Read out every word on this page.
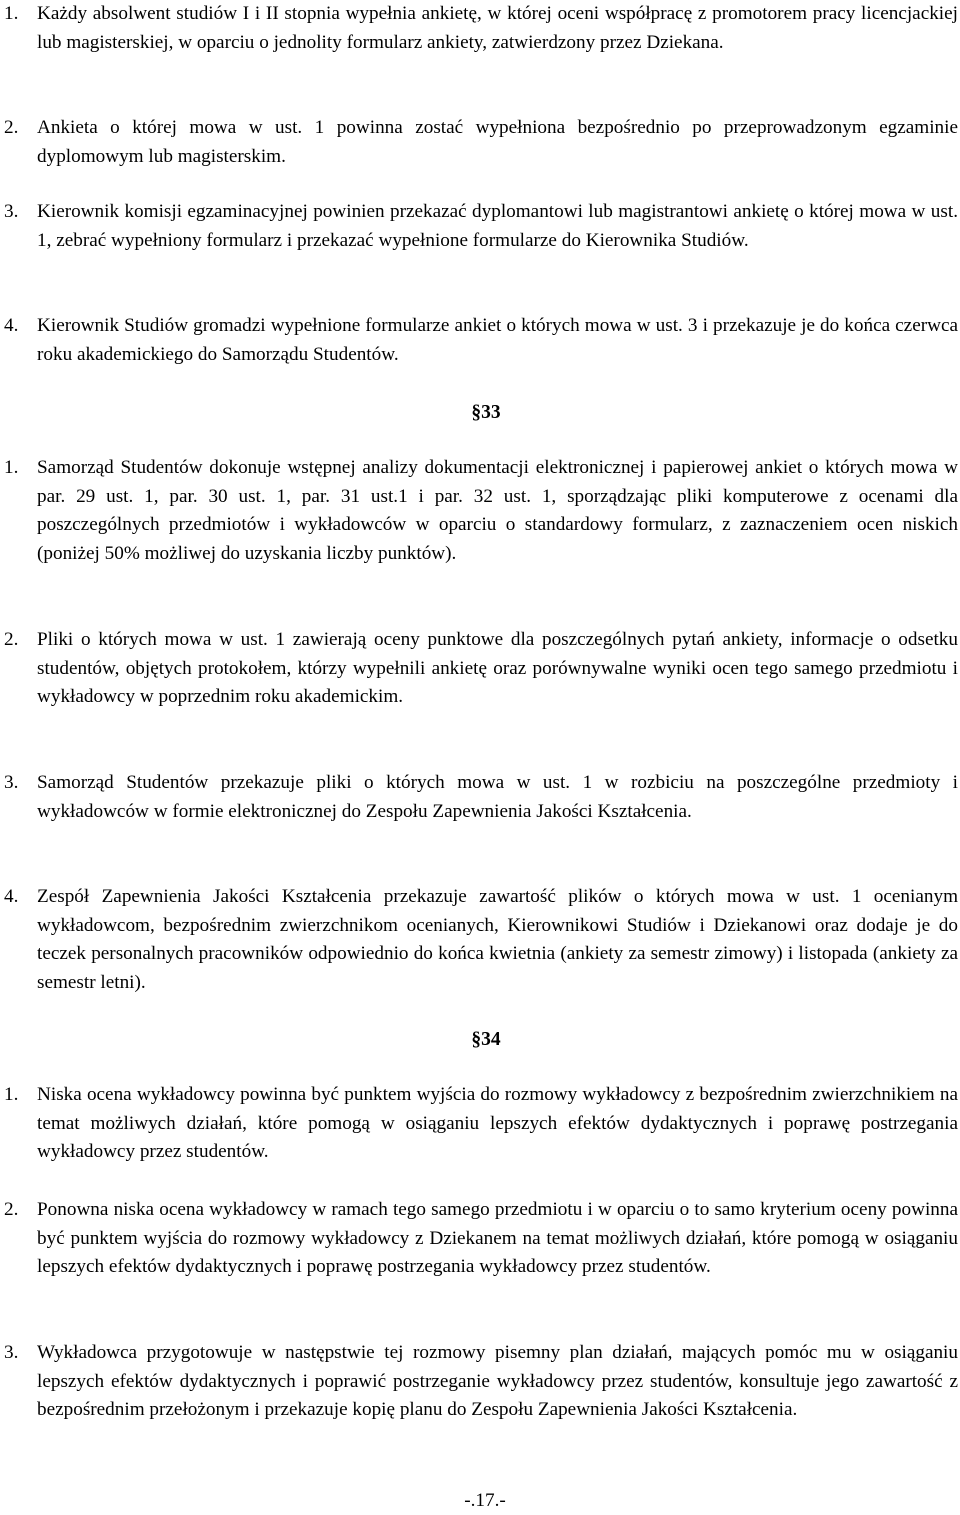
1. Każdy absolwent studiów I i II stopnia wypełnia ankietę, w której oceni współpracę z promotorem pracy licencjackiej lub magisterskiej, w oparciu o jednolity formularz ankiety, zatwierdzony przez Dziekana.
2. Ankieta o której mowa w ust. 1 powinna zostać wypełniona bezpośrednio po przeprowadzonym egzaminie dyplomowym lub magisterskim.
3. Kierownik komisji egzaminacyjnej powinien przekazać dyplomantowi lub magistrantowi ankietę o której mowa w ust. 1, zebrać wypełniony formularz i przekazać wypełnione formularze do Kierownika Studiów.
4. Kierownik Studiów gromadzi wypełnione formularze ankiet o których mowa w ust. 3 i przekazuje je do końca czerwca roku akademickiego do Samorządu Studentów.
§33
1. Samorząd Studentów dokonuje wstępnej analizy dokumentacji elektronicznej i papierowej ankiet o których mowa w par. 29 ust. 1, par. 30 ust. 1, par. 31 ust.1 i par. 32 ust. 1, sporządzając pliki komputerowe z ocenami dla poszczególnych przedmiotów i wykładowców w oparciu o standardowy formularz, z zaznaczeniem ocen niskich (poniżej 50% możliwej do uzyskania liczby punktów).
2. Pliki o których mowa w ust. 1 zawierają oceny punktowe dla poszczególnych pytań ankiety, informacje o odsetku studentów, objętych protokołem, którzy wypełnili ankietę oraz porównywalne wyniki ocen tego samego przedmiotu i wykładowcy w poprzednim roku akademickim.
3. Samorząd Studentów przekazuje pliki o których mowa w ust. 1 w rozbiciu na poszczególne przedmioty i wykładowców w formie elektronicznej do Zespołu Zapewnienia Jakości Kształcenia.
4. Zespół Zapewnienia Jakości Kształcenia przekazuje zawartość plików o których mowa w ust. 1 ocenianym wykładowcom, bezpośrednim zwierzchnikom ocenianych, Kierownikowi Studiów i Dziekanowi oraz dodaje je do teczek personalnych pracowników odpowiednio do końca kwietnia (ankiety za semestr zimowy) i listopada (ankiety za semestr letni).
§34
1. Niska ocena wykładowcy powinna być punktem wyjścia do rozmowy wykładowcy z bezpośrednim zwierzchnikiem na temat możliwych działań, które pomogą w osiąganiu lepszych efektów dydaktycznych i poprawę postrzegania wykładowcy przez studentów.
2. Ponowna niska ocena wykładowcy w ramach tego samego przedmiotu i w oparciu o to samo kryterium oceny powinna być punktem wyjścia do rozmowy wykładowcy z Dziekanem na temat możliwych działań, które pomogą w osiąganiu lepszych efektów dydaktycznych i poprawę postrzegania wykładowcy przez studentów.
3. Wykładowca przygotowuje w następstwie tej rozmowy pisemny plan działań, mających pomóc mu w osiąganiu lepszych efektów dydaktycznych i poprawić postrzeganie wykładowcy przez studentów, konsultuje jego zawartość z bezpośrednim przełożonym i przekazuje kopię planu do Zespołu Zapewnienia Jakości Kształcenia.
-.17.-
